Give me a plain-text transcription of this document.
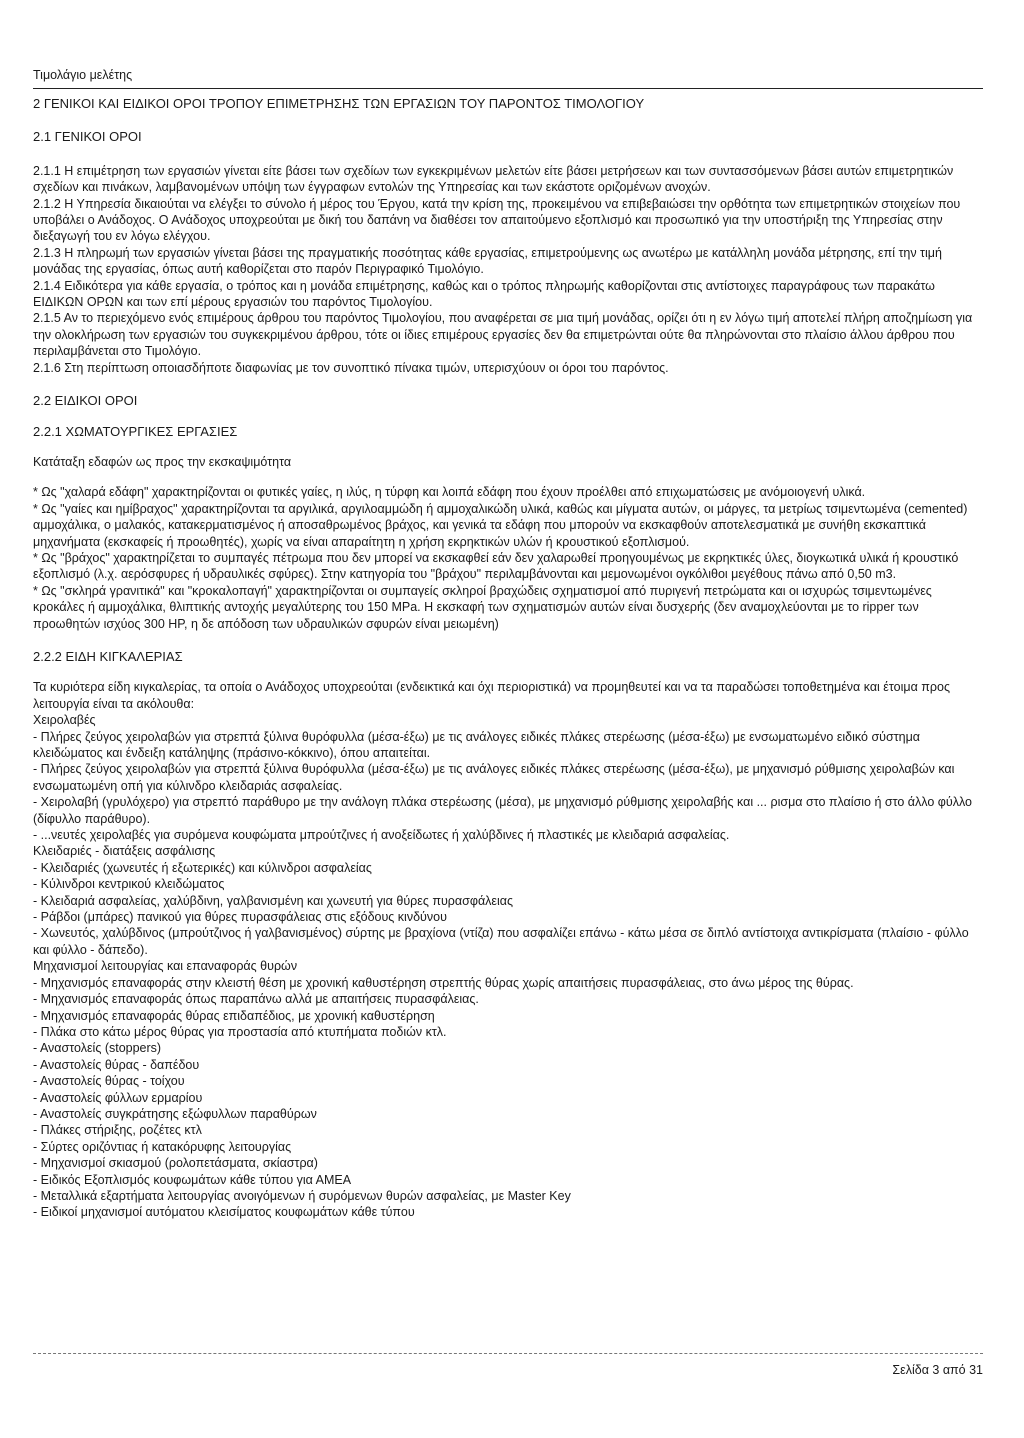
Τιμολάγιο μελέτης

2 ΓΕΝΙΚΟΙ ΚΑΙ ΕΙΔΙΚΟΙ ΟΡΟΙ ΤΡΟΠΟΥ ΕΠΙΜΕΤΡΗΣΗΣ ΤΩΝ ΕΡΓΑΣΙΩΝ ΤΟΥ ΠΑΡΟΝΤΟΣ ΤΙΜΟΛΟΓΙΟΥ

2.1 ΓΕΝΙΚΟΙ ΟΡΟΙ

2.1.1 Η επιμέτρηση των εργασιών γίνεται είτε βάσει των σχεδίων των εγκεκριμένων μελετών είτε βάσει μετρήσεων και των συντασσόμενων βάσει αυτών επιμετρητικών σχεδίων και πινάκων, λαμβανομένων υπόψη των έγγραφων εντολών της Υπηρεσίας και των εκάστοτε οριζομένων ανοχών.

2.1.2 Η Υπηρεσία δικαιούται να ελέγξει το σύνολο ή μέρος του Έργου, κατά την κρίση της, προκειμένου να επιβεβαιώσει την ορθότητα των επιμετρητικών στοιχείων που υποβάλει ο Ανάδοχος. Ο Ανάδοχος υποχρεούται με δική του δαπάνη να διαθέσει τον απαιτούμενο εξοπλισμό και προσωπικό για την υποστήριξη της Υπηρεσίας στην διεξαγωγή του εν λόγω ελέγχου.

2.1.3 Η πληρωμή των εργασιών γίνεται βάσει της πραγματικής ποσότητας κάθε εργασίας, επιμετρούμενης ως ανωτέρω με κατάλληλη μονάδα μέτρησης, επί την τιμή μονάδας της εργασίας, όπως αυτή καθορίζεται στο παρόν Περιγραφικό Τιμολόγιο.

2.1.4 Ειδικότερα για κάθε εργασία, ο τρόπος και η μονάδα επιμέτρησης, καθώς και ο τρόπος πληρωμής καθορίζονται στις αντίστοιχες παραγράφους των παρακάτω ΕΙΔΙΚΩΝ ΟΡΩΝ και των επί μέρους εργασιών του παρόντος Τιμολογίου.

2.1.5 Αν το περιεχόμενο ενός επιμέρους άρθρου του παρόντος Τιμολογίου, που αναφέρεται σε μια τιμή μονάδας, ορίζει ότι η εν λόγω τιμή αποτελεί πλήρη αποζημίωση για την ολοκλήρωση των εργασιών του συγκεκριμένου άρθρου, τότε οι ίδιες επιμέρους εργασίες δεν θα επιμετρώνται ούτε θα πληρώνονται στο πλαίσιο άλλου άρθρου που περιλαμβάνεται στο Τιμολόγιο.

2.1.6 Στη περίπτωση οποιασδήποτε διαφωνίας με τον συνοπτικό πίνακα τιμών, υπερισχύουν οι όροι του παρόντος.

2.2 ΕΙΔΙΚΟΙ ΟΡΟΙ

2.2.1 ΧΩΜΑΤΟΥΡΓΙΚΕΣ ΕΡΓΑΣΙΕΣ

Κατάταξη εδαφών ως προς την εκσκαψιμότητα

* Ως "χαλαρά εδάφη" χαρακτηρίζονται οι φυτικές γαίες, η ιλύς, η τύρφη και λοιπά εδάφη που έχουν προέλθει από επιχωματώσεις με ανόμοιογενή υλικά.

* Ως "γαίες και ημίβραχος" χαρακτηρίζονται τα αργιλικά, αργιλοαμμώδη ή αμμοχαλικώδη υλικά, καθώς και μίγματα αυτών, οι μάργες, τα μετρίως τσιμεντωμένα (cemented) αμμοχάλικα, ο μαλακός, κατακερματισμένος ή αποσαθρωμένος βράχος, και γενικά τα εδάφη που μπορούν να εκσκαφθούν αποτελεσματικά με συνήθη εκσκαπτικά μηχανήματα (εκσκαφείς ή προωθητές), χωρίς να είναι απαραίτητη η χρήση εκρηκτικών υλών ή κρουστικού εξοπλισμού.

* Ως "βράχος" χαρακτηρίζεται το συμπαγές πέτρωμα που δεν μπορεί να εκσκαφθεί εάν δεν χαλαρωθεί προηγουμένως με εκρηκτικές ύλες, διογκωτικά υλικά ή κρουστικό εξοπλισμό (λ.χ. αερόσφυρες ή υδραυλικές σφύρες). Στην κατηγορία του "βράχου" περιλαμβάνονται και μεμονωμένοι ογκόλιθοι μεγέθους πάνω από 0,50 m3.

* Ως "σκληρά γρανιτικά" και "κροκαλοπαγή" χαρακτηρίζονται οι συμπαγείς σκληροί βραχώδεις σχηματισμοί από πυριγενή πετρώματα και οι ισχυρώς τσιμεντωμένες κροκάλες ή αμμοχάλικα, θλιπτικής αντοχής μεγαλύτερης του 150 MPa. Η εκσκαφή των σχηματισμών αυτών είναι δυσχερής (δεν αναμοχλεύονται με το ripper των προωθητών ισχύος 300 HP, η δε απόδοση των υδραυλικών σφυρών είναι μειωμένη)

2.2.2 ΕΙΔΗ ΚΙΓΚΑΛΕΡΙΑΣ

Τα κυριότερα είδη κιγκαλερίας, τα οποία ο Ανάδοχος υποχρεούται (ενδεικτικά και όχι περιοριστικά) να προμηθευτεί και να τα παραδώσει τοποθετημένα και έτοιμα προς λειτουργία είναι τα ακόλουθα:

Χειρολαβές

- Πλήρες ζεύγος χειρολαβών για στρεπτά ξύλινα θυρόφυλλα (μέσα-έξω) με τις ανάλογες ειδικές πλάκες στερέωσης (μέσα-έξω) με ενσωματωμένο ειδικό σύστημα κλειδώματος και ένδειξη κατάληψης (πράσινο-κόκκινο), όπου απαιτείται.

- Πλήρες ζεύγος χειρολαβών για στρεπτά ξύλινα θυρόφυλλα (μέσα-έξω) με τις ανάλογες ειδικές πλάκες στερέωσης (μέσα-έξω), με μηχανισμό ρύθμισης χειρολαβών και ενσωματωμένη οπή για κύλινδρο κλειδαριάς ασφαλείας.

- Χειρολαβή (γρυλόχερο) για στρεπτό παράθυρο με την ανάλογη πλάκα στερέωσης (μέσα), με μηχανισμό ρύθμισης χειρολαβής και ... ρισμα στο πλαίσιο ή στο άλλο φύλλο (δίφυλλο παράθυρο).

- ...νευτές χειρολαβές για συρόμενα κουφώματα μπρούτζινες ή ανοξείδωτες ή χαλύβδινες ή πλαστικές με κλειδαριά ασφαλείας.

Κλειδαριές - διατάξεις ασφάλισης

- Κλειδαριές (χωνευτές ή εξωτερικές) και κύλινδροι ασφαλείας

- Κύλινδροι κεντρικού κλειδώματος

- Κλειδαριά ασφαλείας, χαλύβδινη, γαλβανισμένη και χωνευτή για θύρες πυρασφάλειας

- Ράβδοι (μπάρες) πανικού για θύρες πυρασφάλειας στις εξόδους κινδύνου

- Χωνευτός, χαλύβδινος (μπρούτζινος ή γαλβανισμένος) σύρτης με βραχίονα (ντίζα) που ασφαλίζει επάνω - κάτω μέσα σε διπλό αντίστοιχα αντικρίσματα (πλαίσιο - φύλλο και φύλλο - δάπεδο).

Μηχανισμοί λειτουργίας και επαναφοράς θυρών

- Μηχανισμός επαναφοράς στην κλειστή θέση με χρονική καθυστέρηση στρεπτής θύρας χωρίς απαιτήσεις πυρασφάλειας, στο άνω μέρος της θύρας.

- Μηχανισμός επαναφοράς όπως παραπάνω αλλά με απαιτήσεις πυρασφάλειας.

- Μηχανισμός επαναφοράς θύρας επιδαπέδιος, με χρονική καθυστέρηση

- Πλάκα στο κάτω μέρος θύρας για προστασία από κτυπήματα ποδιών κτλ.

- Αναστολείς (stoppers)

- Αναστολείς θύρας - δαπέδου

- Αναστολείς θύρας - τοίχου

- Αναστολείς φύλλων ερμαρίου

- Αναστολείς συγκράτησης εξώφυλλων παραθύρων

- Πλάκες στήριξης, ροζέτες κτλ

- Σύρτες οριζόντιας ή κατακόρυφης λειτουργίας

- Μηχανισμοί σκιασμού (ρολοπετάσματα, σκίαστρα)

- Ειδικός Εξοπλισμός κουφωμάτων κάθε τύπου για ΑΜΕΑ

- Μεταλλικά εξαρτήματα λειτουργίας ανοιγόμενων ή συρόμενων θυρών ασφαλείας, με Master Key

- Ειδικοί μηχανισμοί αυτόματου κλεισίματος κουφωμάτων κάθε τύπου

Σελίδα 3 από 31
